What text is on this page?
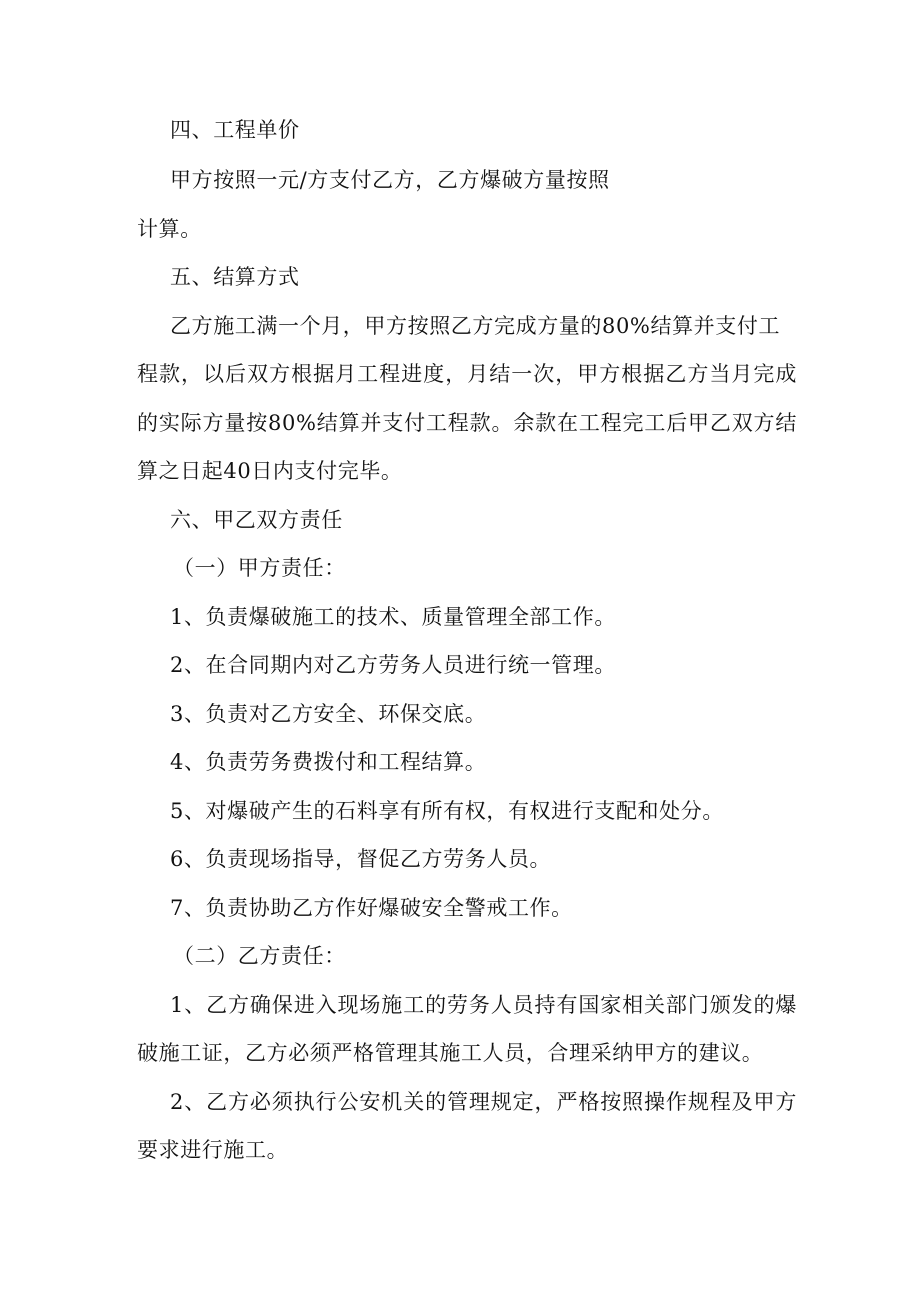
四、工程单价
甲方按照一元/方支付乙方，乙方爆破方量按照
计算。
五、结算方式
乙方施工满一个月，甲方按照乙方完成方量的80%结算并支付工
程款，以后双方根据月工程进度，月结一次，甲方根据乙方当月完成
的实际方量按80%结算并支付工程款。余款在工程完工后甲乙双方结
算之日起40日内支付完毕。
六、甲乙双方责任
（一）甲方责任：
1、负责爆破施工的技术、质量管理全部工作。
2、在合同期内对乙方劳务人员进行统一管理。
3、负责对乙方安全、环保交底。
4、负责劳务费拨付和工程结算。
5、对爆破产生的石料享有所有权，有权进行支配和处分。
6、负责现场指导，督促乙方劳务人员。
7、负责协助乙方作好爆破安全警戒工作。
（二）乙方责任：
1、乙方确保进入现场施工的劳务人员持有国家相关部门颁发的爆
破施工证，乙方必须严格管理其施工人员，合理采纳甲方的建议。
2、乙方必须执行公安机关的管理规定，严格按照操作规程及甲方
要求进行施工。
